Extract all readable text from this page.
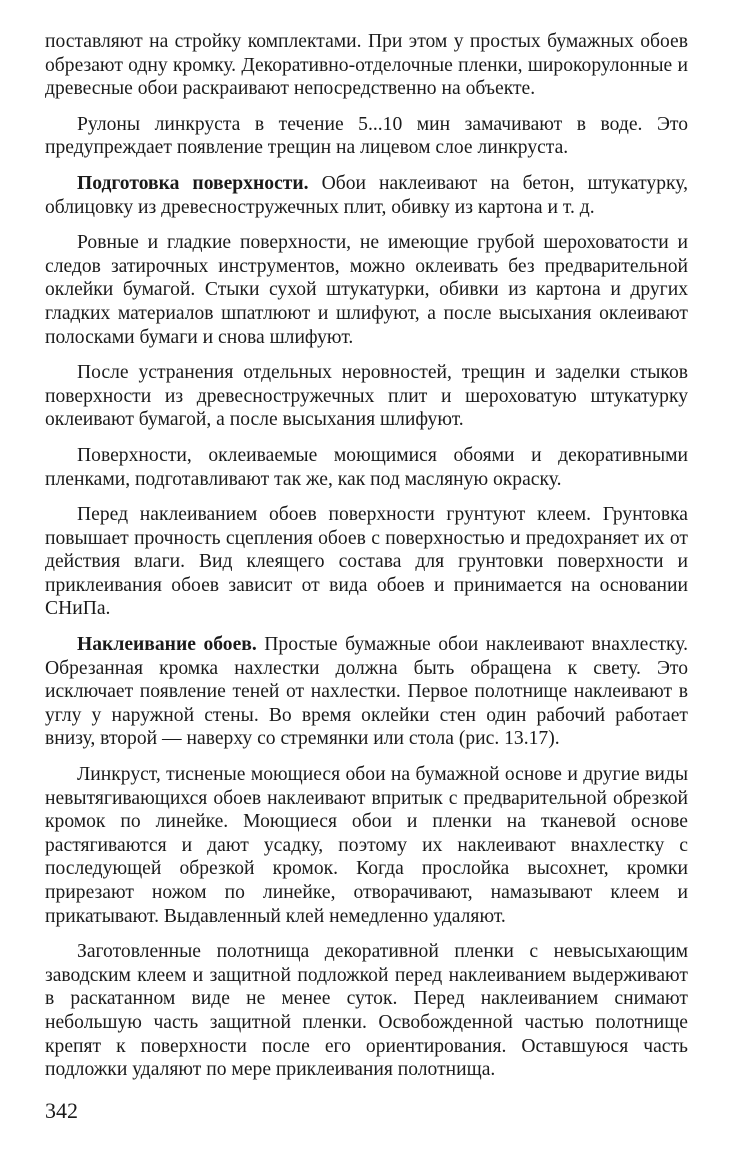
поставляют на стройку комплектами. При этом у простых бумажных обоев обрезают одну кромку. Декоративно-отделочные пленки, широкорулонные и древесные обои раскраивают непосредственно на объекте.

Рулоны линкруста в течение 5...10 мин замачивают в воде. Это предупреждает появление трещин на лицевом слое линкруста.

Подготовка поверхности. Обои наклеивают на бетон, штукатурку, облицовку из древесностружечных плит, обивку из картона и т. д.

Ровные и гладкие поверхности, не имеющие грубой шероховатости и следов затирочных инструментов, можно оклеивать без предварительной оклейки бумагой. Стыки сухой штукатурки, обивки из картона и других гладких материалов шпатлюют и шлифуют, а после высыхания оклеивают полосками бумаги и снова шлифуют.

После устранения отдельных неровностей, трещин и заделки стыков поверхности из древесностружечных плит и шероховатую штукатурку оклеивают бумагой, а после высыхания шлифуют.

Поверхности, оклеиваемые моющимися обоями и декоративными пленками, подготавливают так же, как под масляную окраску.

Перед наклеиванием обоев поверхности грунтуют клеем. Грунтовка повышает прочность сцепления обоев с поверхностью и предохраняет их от действия влаги. Вид клеящего состава для грунтовки поверхности и приклеивания обоев зависит от вида обоев и принимается на основании СНиПа.

Наклеивание обоев. Простые бумажные обои наклеивают внахлестку. Обрезанная кромка нахлестки должна быть обращена к свету. Это исключает появление теней от нахлестки. Первое полотнище наклеивают в углу у наружной стены. Во время оклейки стен один рабочий работает внизу, второй — наверху со стремянки или стола (рис. 13.17).

Линкруст, тисненые моющиеся обои на бумажной основе и другие виды невытягивающихся обоев наклеивают впритык с предварительной обрезкой кромок по линейке. Моющиеся обои и пленки на тканевой основе растягиваются и дают усадку, поэтому их наклеивают внахлестку с последующей обрезкой кромок. Когда прослойка высохнет, кромки прирезают ножом по линейке, отворачивают, намазывают клеем и прикатывают. Выдавленный клей немедленно удаляют.

Заготовленные полотнища декоративной пленки с невысыхающим заводским клеем и защитной подложкой перед наклеиванием выдерживают в раскатанном виде не менее суток. Перед наклеиванием снимают небольшую часть защитной пленки. Освобожденной частью полотнище крепят к поверхности после его ориентирования. Оставшуюся часть подложки удаляют по мере приклеивания полотнища.

342
